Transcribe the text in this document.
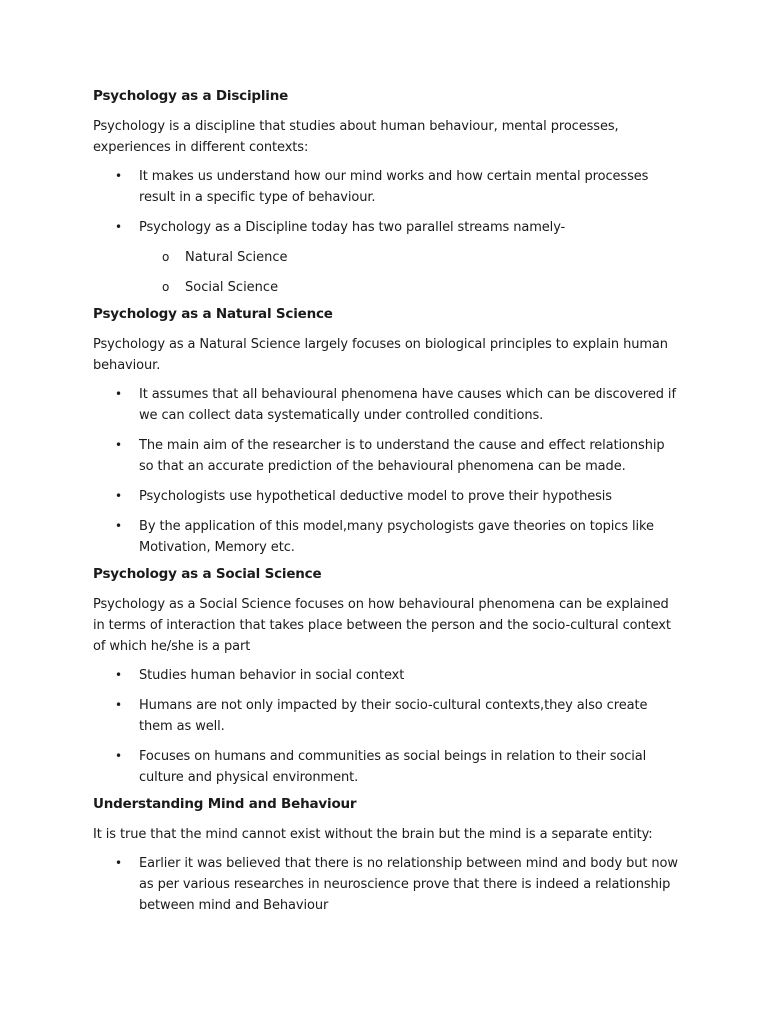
Psychology as a Discipline
Psychology is a discipline that studies about human behaviour, mental processes, experiences in different contexts:
• It makes us understand how our mind works and how certain mental processes result in a specific type of behaviour.
• Psychology as a Discipline today has two parallel streams namely-
o Natural Science
o Social Science
Psychology as a Natural Science
Psychology as a Natural Science largely focuses on biological principles to explain human behaviour.
• It assumes that all behavioural phenomena have causes which can be discovered if we can collect data systematically under controlled conditions.
• The main aim of the researcher is to understand the cause and effect relationship so that an accurate prediction of the behavioural phenomena can be made.
• Psychologists use hypothetical deductive model to prove their hypothesis
• By the application of this model,many psychologists gave theories on topics like Motivation, Memory etc.
Psychology as a Social Science
Psychology as a Social Science focuses on how behavioural phenomena can be explained in terms of interaction that takes place between the person and the socio-cultural context of which he/she is a part
• Studies human behavior in social context
• Humans are not only impacted by their socio-cultural contexts,they also create them as well.
• Focuses on humans and communities as social beings in relation to their social culture and physical environment.
Understanding Mind and Behaviour
It is true that the mind cannot exist without the brain but the mind is a separate entity:
• Earlier it was believed that there is no relationship between mind and body but now as per various researches in neuroscience prove that there is indeed a relationship between mind and Behaviour
